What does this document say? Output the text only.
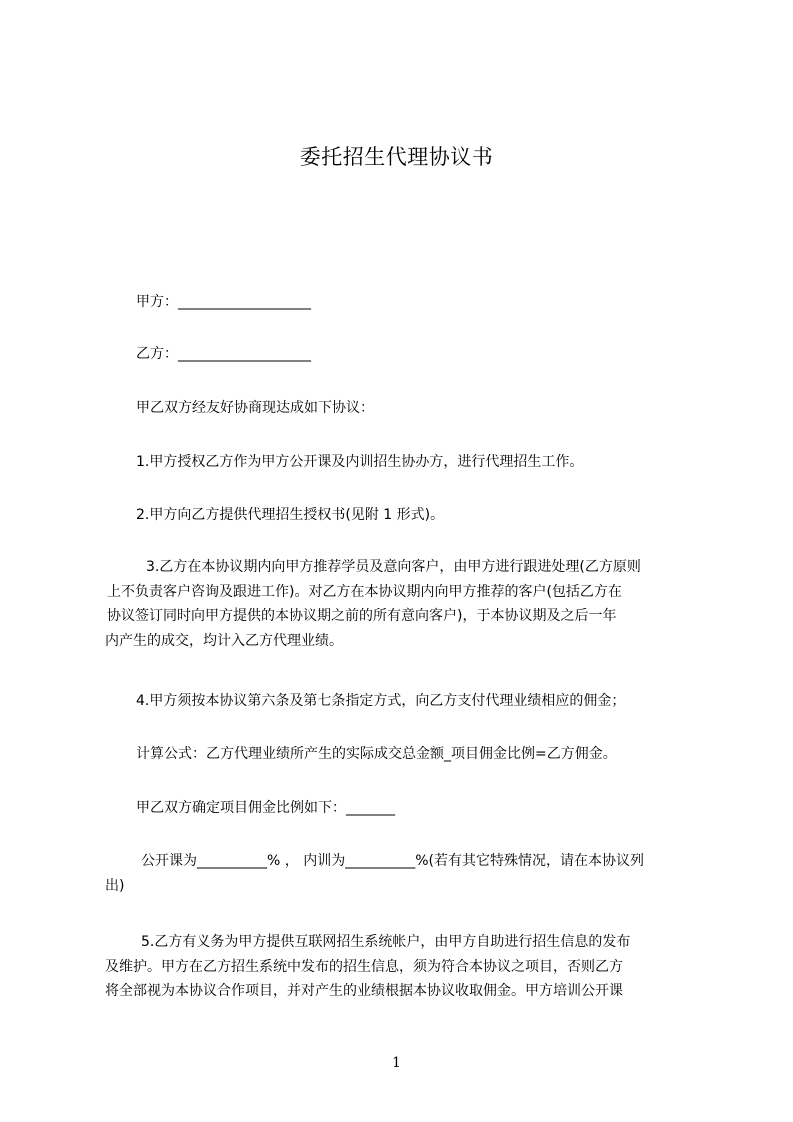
委托招生代理协议书
甲方：___________________
乙方：___________________
甲乙双方经友好协商现达成如下协议：
1.甲方授权乙方作为甲方公开课及内训招生协办方，进行代理招生工作。
2.甲方向乙方提供代理招生授权书(见附 1 形式)。
3.乙方在本协议期内向甲方推荐学员及意向客户，由甲方进行跟进处理(乙方原则
上不负责客户咨询及跟进工作)。对乙方在本协议期内向甲方推荐的客户(包括乙方在
协议签订同时向甲方提供的本协议期之前的所有意向客户)，于本协议期及之后一年
内产生的成交，均计入乙方代理业绩。
4.甲方须按本协议第六条及第七条指定方式，向乙方支付代理业绩相应的佣金；
计算公式：乙方代理业绩所产生的实际成交总金额_项目佣金比例=乙方佣金。
甲乙双方确定项目佣金比例如下：_______
公开课为__________% ， 内训为__________%(若有其它特殊情况，请在本协议列
出)
5.乙方有义务为甲方提供互联网招生系统帐户，由甲方自助进行招生信息的发布
及维护。甲方在乙方招生系统中发布的招生信息，须为符合本协议之项目，否则乙方
将全部视为本协议合作项目，并对产生的业绩根据本协议收取佣金。甲方培训公开课
1
